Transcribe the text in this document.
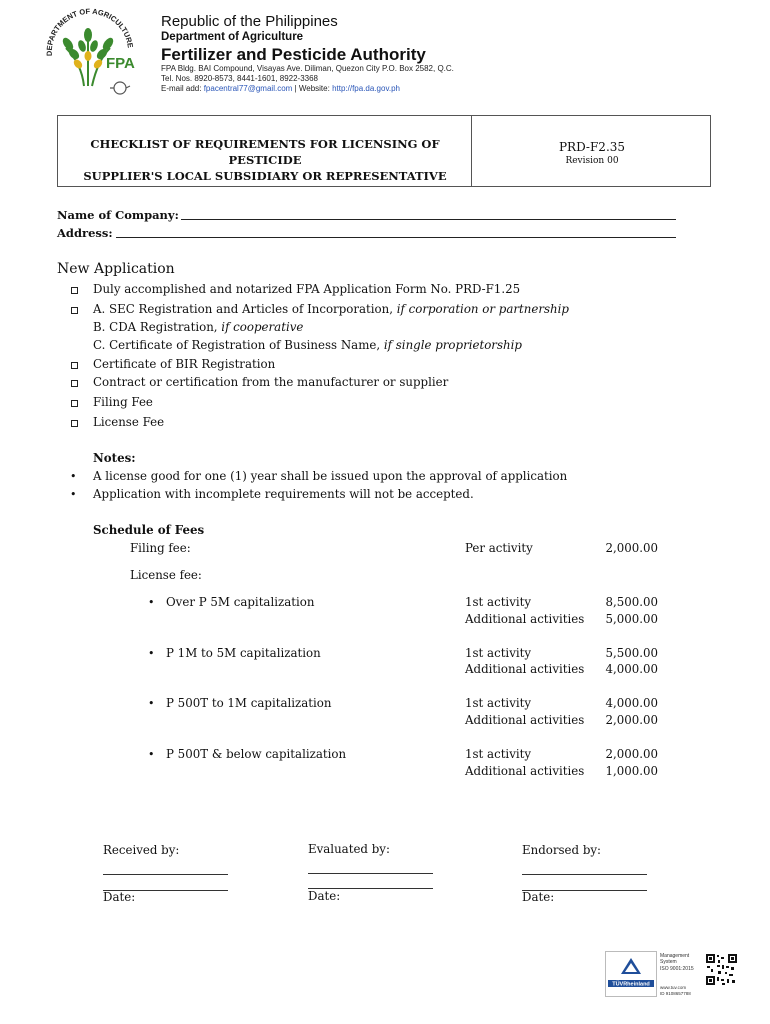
DEPARTMENT OF AGRICULTURE
FPA
Republic of the Philippines
Department of Agriculture
Fertilizer and Pesticide Authority
FPA Bldg. BAI Compound, Visayas Ave. Diliman, Quezon City P.O. Box 2582, Q.C.
Tel. Nos. 8920-8573, 8441-1601, 8922-3368
E-mail add: fpacentral77@gmail.com | Website: http://fpa.da.gov.ph
CHECKLIST OF REQUIREMENTS FOR LICENSING OF PESTICIDE
SUPPLIER'S LOCAL SUBSIDIARY OR REPRESENTATIVE
PRD-F2.35
Revision 00
Name of Company:
Address:
New Application
Duly accomplished and notarized FPA Application Form No. PRD-F1.25
A. SEC Registration and Articles of Incorporation, if corporation or partnership
B. CDA Registration, if cooperative
C. Certificate of Registration of Business Name, if single proprietorship
Certificate of BIR Registration
Contract or certification from the manufacturer or supplier
Filing Fee
License Fee
Notes:
• A license good for one (1) year shall be issued upon the approval of application
• Application with incomplete requirements will not be accepted.
Schedule of Fees
Filing fee:	Per activity	2,000.00
License fee:
• Over P 5M capitalization	1st activity	8,500.00
Additional activities	5,000.00
• P 1M to 5M capitalization	1st activity	5,500.00
Additional activities	4,000.00
• P 500T to 1M capitalization	1st activity	4,000.00
Additional activities	2,000.00
• P 500T & below capitalization	1st activity	2,000.00
Additional activities	1,000.00
Received by:
Date:
Evaluated by:
Date:
Endorsed by:
Date:
TÜVRheinland
Management System
ISO 9001:2015
www.tuv.com
ID 9108657788
